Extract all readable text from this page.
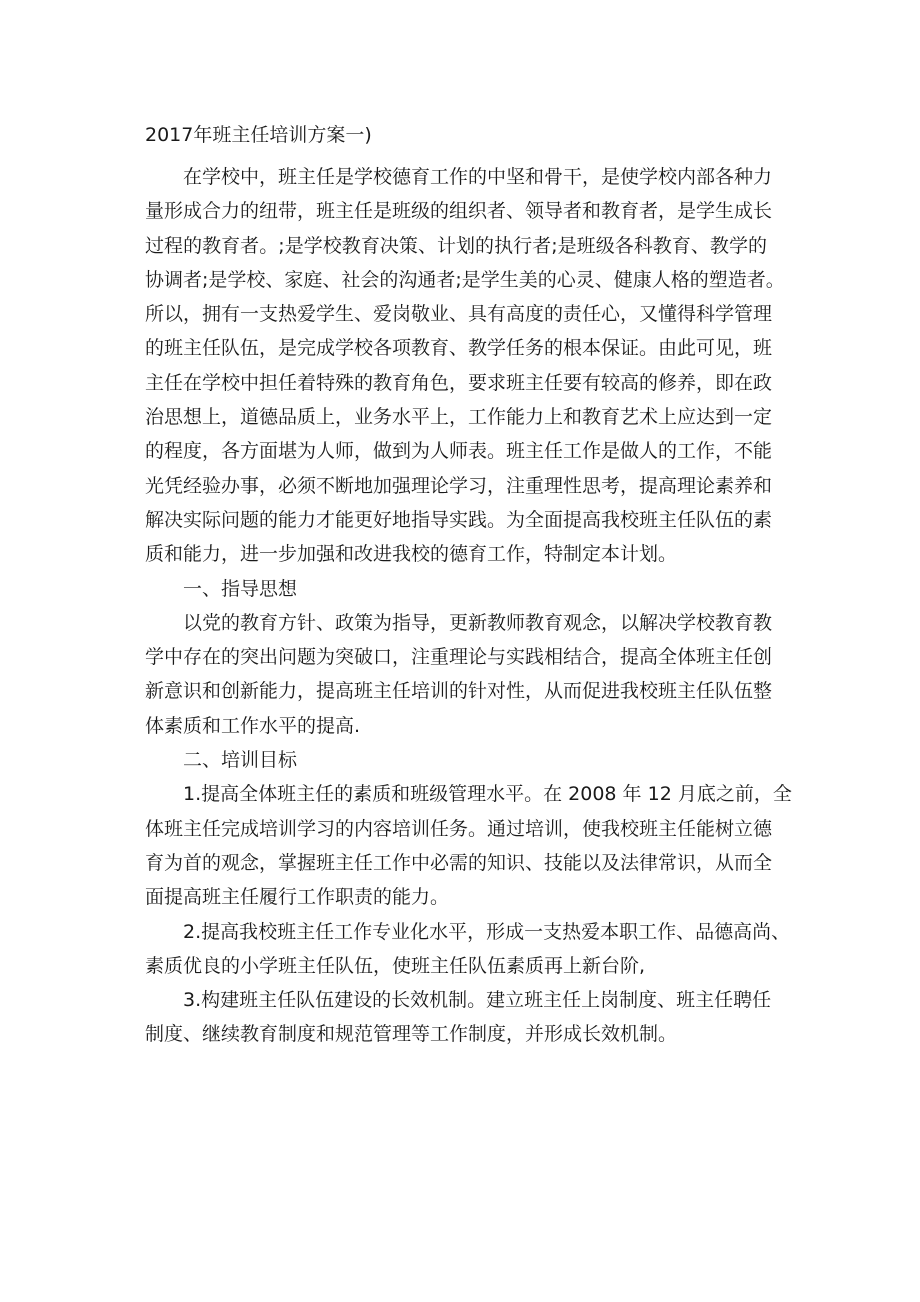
2017年班主任培训方案一)
在学校中，班主任是学校德育工作的中坚和骨干，是使学校内部各种力
量形成合力的纽带，班主任是班级的组织者、领导者和教育者，是学生成长
过程的教育者。;是学校教育决策、计划的执行者;是班级各科教育、教学的
协调者;是学校、家庭、社会的沟通者;是学生美的心灵、健康人格的塑造者。
所以，拥有一支热爱学生、爱岗敬业、具有高度的责任心，又懂得科学管理
的班主任队伍，是完成学校各项教育、教学任务的根本保证。由此可见，班
主任在学校中担任着特殊的教育角色，要求班主任要有较高的修养，即在政
治思想上，道德品质上，业务水平上，工作能力上和教育艺术上应达到一定
的程度，各方面堪为人师，做到为人师表。班主任工作是做人的工作，不能
光凭经验办事，必须不断地加强理论学习，注重理性思考，提高理论素养和
解决实际问题的能力才能更好地指导实践。为全面提高我校班主任队伍的素
质和能力，进一步加强和改进我校的德育工作，特制定本计划。
一、指导思想
以党的教育方针、政策为指导，更新教师教育观念，以解决学校教育教
学中存在的突出问题为突破口，注重理论与实践相结合，提高全体班主任创
新意识和创新能力，提高班主任培训的针对性，从而促进我校班主任队伍整
体素质和工作水平的提高.
二、培训目标
1.提高全体班主任的素质和班级管理水平。在 2008 年 12 月底之前，全
体班主任完成培训学习的内容培训任务。通过培训，使我校班主任能树立德
育为首的观念，掌握班主任工作中必需的知识、技能以及法律常识，从而全
面提高班主任履行工作职责的能力。
2.提高我校班主任工作专业化水平，形成一支热爱本职工作、品德高尚、
素质优良的小学班主任队伍，使班主任队伍素质再上新台阶,
3.构建班主任队伍建设的长效机制。建立班主任上岗制度、班主任聘任
制度、继续教育制度和规范管理等工作制度，并形成长效机制。
